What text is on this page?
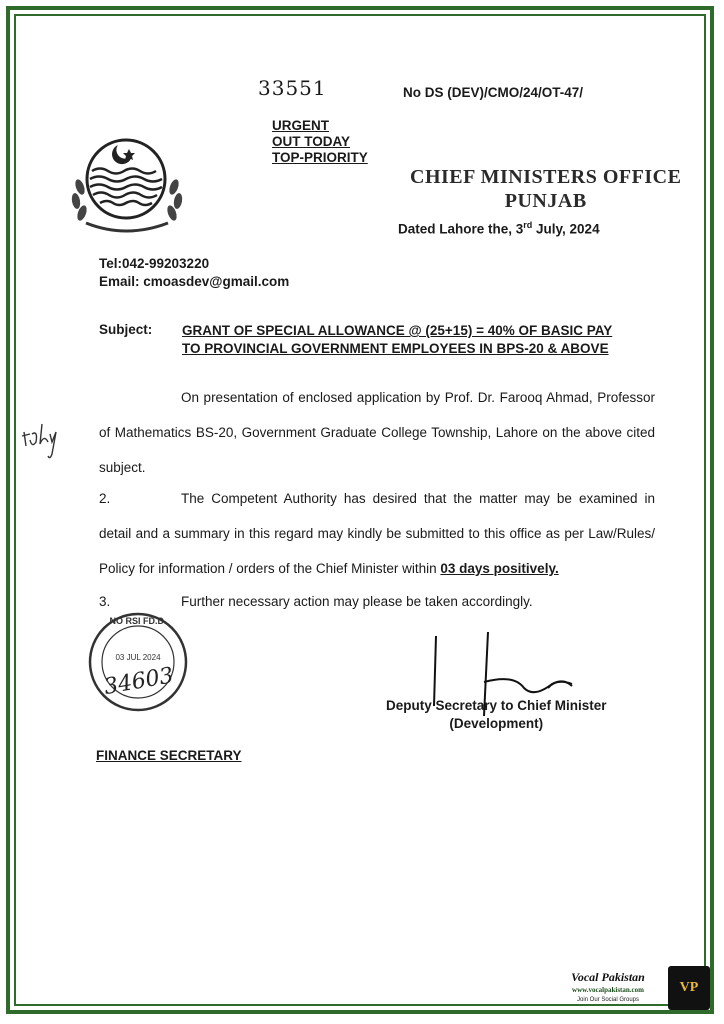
33551	No DS (DEV)/CMO/24/OT-47/
URGENT
OUT TODAY
TOP-PRIORITY
CHIEF MINISTERS OFFICE
PUNJAB
Dated Lahore the, 3rd July, 2024
Tel:042-99203220
Email: cmoasdev@gmail.com
Subject: GRANT OF SPECIAL ALLOWANCE @ (25+15) = 40% OF BASIC PAY
TO PROVINCIAL GOVERNMENT EMPLOYEES IN BPS-20 & ABOVE
On presentation of enclosed application by Prof. Dr. Farooq Ahmad, Professor of Mathematics BS-20, Government Graduate College Township, Lahore on the above cited subject.
2.	The Competent Authority has desired that the matter may be examined in detail and a summary in this regard may kindly be submitted to this office as per Law/Rules/ Policy for information / orders of the Chief Minister within 03 days positively.
3.	Further necessary action may please be taken accordingly.
NO RSI FD.D.
03 JUL 2024
34603
Deputy Secretary to Chief Minister
(Development)
FINANCE SECRETARY
Vocal Pakistan
www.vocalpakistan.com
Join Our Social Groups
VP
